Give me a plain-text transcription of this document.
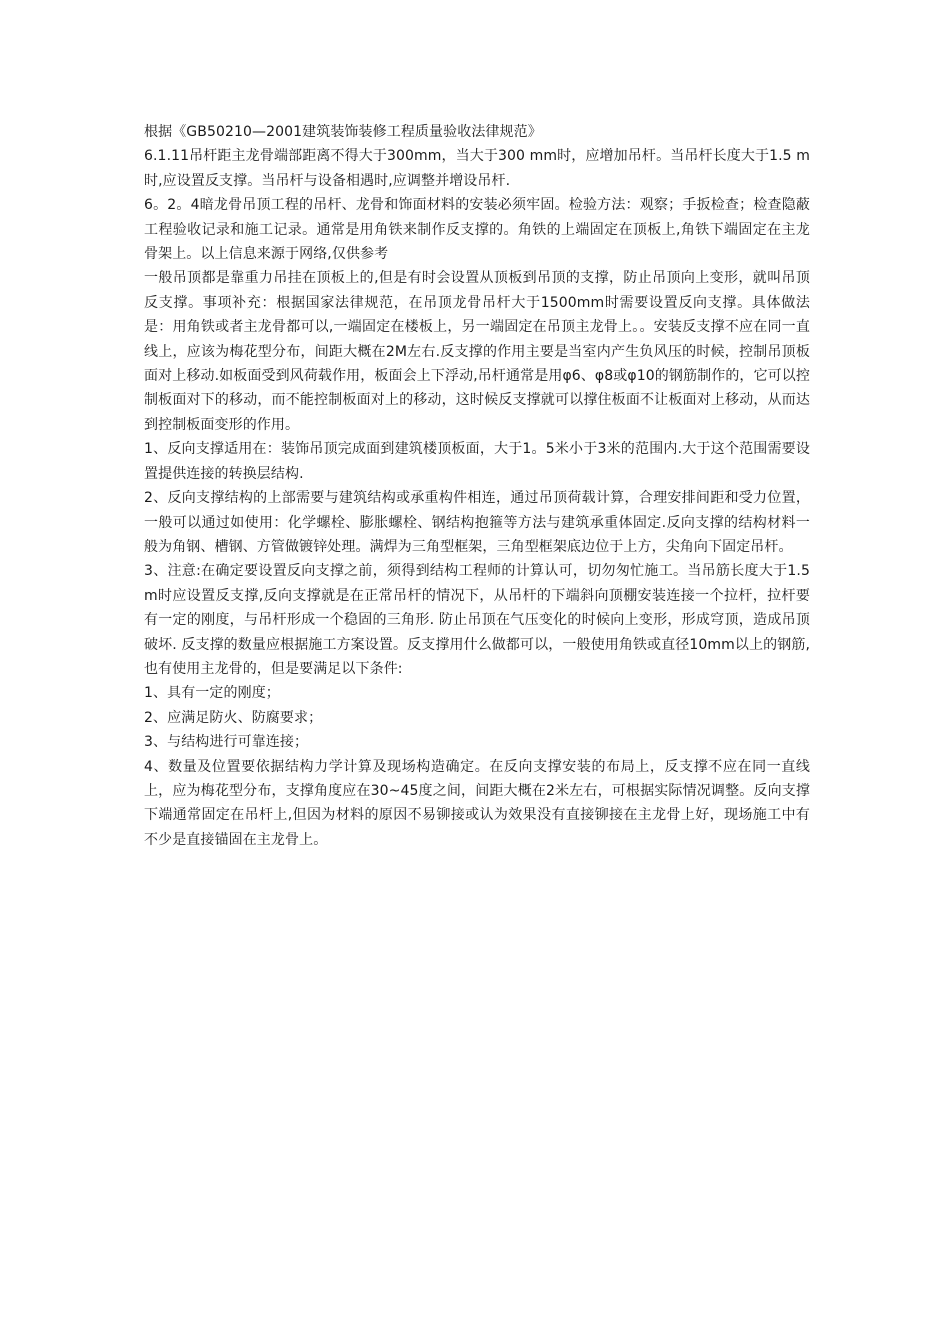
根据《GB50210—2001建筑装饰装修工程质量验收法律规范》

6.1.11吊杆距主龙骨端部距离不得大于300mm，当大于300 mm时，应增加吊杆。当吊杆长度大于1.5 m时,应设置反支撑。当吊杆与设备相遇时,应调整并增设吊杆.

6。2。4暗龙骨吊顶工程的吊杆、龙骨和饰面材料的安装必须牢固。检验方法：观察；手扳检查；检查隐蔽工程验收记录和施工记录。通常是用角铁来制作反支撑的。角铁的上端固定在顶板上,角铁下端固定在主龙骨架上。以上信息来源于网络,仅供参考

一般吊顶都是靠重力吊挂在顶板上的,但是有时会设置从顶板到吊顶的支撑，防止吊顶向上变形，就叫吊顶反支撑。事项补充：根据国家法律规范，在吊顶龙骨吊杆大于1500mm时需要设置反向支撑。具体做法是：用角铁或者主龙骨都可以,一端固定在楼板上，另一端固定在吊顶主龙骨上。。安装反支撑不应在同一直线上，应该为梅花型分布，间距大概在2M左右.反支撑的作用主要是当室内产生负风压的时候，控制吊顶板面对上移动.如板面受到风荷载作用，板面会上下浮动,吊杆通常是用φ6、φ8或φ10的钢筋制作的，它可以控制板面对下的移动，而不能控制板面对上的移动，这时候反支撑就可以撑住板面不让板面对上移动，从而达到控制板面变形的作用。

1、反向支撑适用在：装饰吊顶完成面到建筑楼顶板面，大于1。5米小于3米的范围内.大于这个范围需要设置提供连接的转换层结构.

2、反向支撑结构的上部需要与建筑结构或承重构件相连，通过吊顶荷载计算，合理安排间距和受力位置，一般可以通过如使用：化学螺栓、膨胀螺栓、钢结构抱箍等方法与建筑承重体固定.反向支撑的结构材料一般为角钢、槽钢、方管做镀锌处理。满焊为三角型框架，三角型框架底边位于上方，尖角向下固定吊杆。

3、注意:在确定要设置反向支撑之前，须得到结构工程师的计算认可，切勿匆忙施工。当吊筋长度大于1.5m时应设置反支撑,反向支撑就是在正常吊杆的情况下，从吊杆的下端斜向顶棚安装连接一个拉杆，拉杆要有一定的刚度，与吊杆形成一个稳固的三角形. 防止吊顶在气压变化的时候向上变形，形成穹顶，造成吊顶破坏. 反支撑的数量应根据施工方案设置。反支撑用什么做都可以，一般使用角铁或直径10mm以上的钢筋,也有使用主龙骨的，但是要满足以下条件:

1、具有一定的刚度；

2、应满足防火、防腐要求；

3、与结构进行可靠连接；

4、数量及位置要依据结构力学计算及现场构造确定。在反向支撑安装的布局上，反支撑不应在同一直线上，应为梅花型分布，支撑角度应在30~45度之间，间距大概在2米左右，可根据实际情况调整。反向支撑下端通常固定在吊杆上,但因为材料的原因不易铆接或认为效果没有直接铆接在主龙骨上好，现场施工中有不少是直接锚固在主龙骨上。
